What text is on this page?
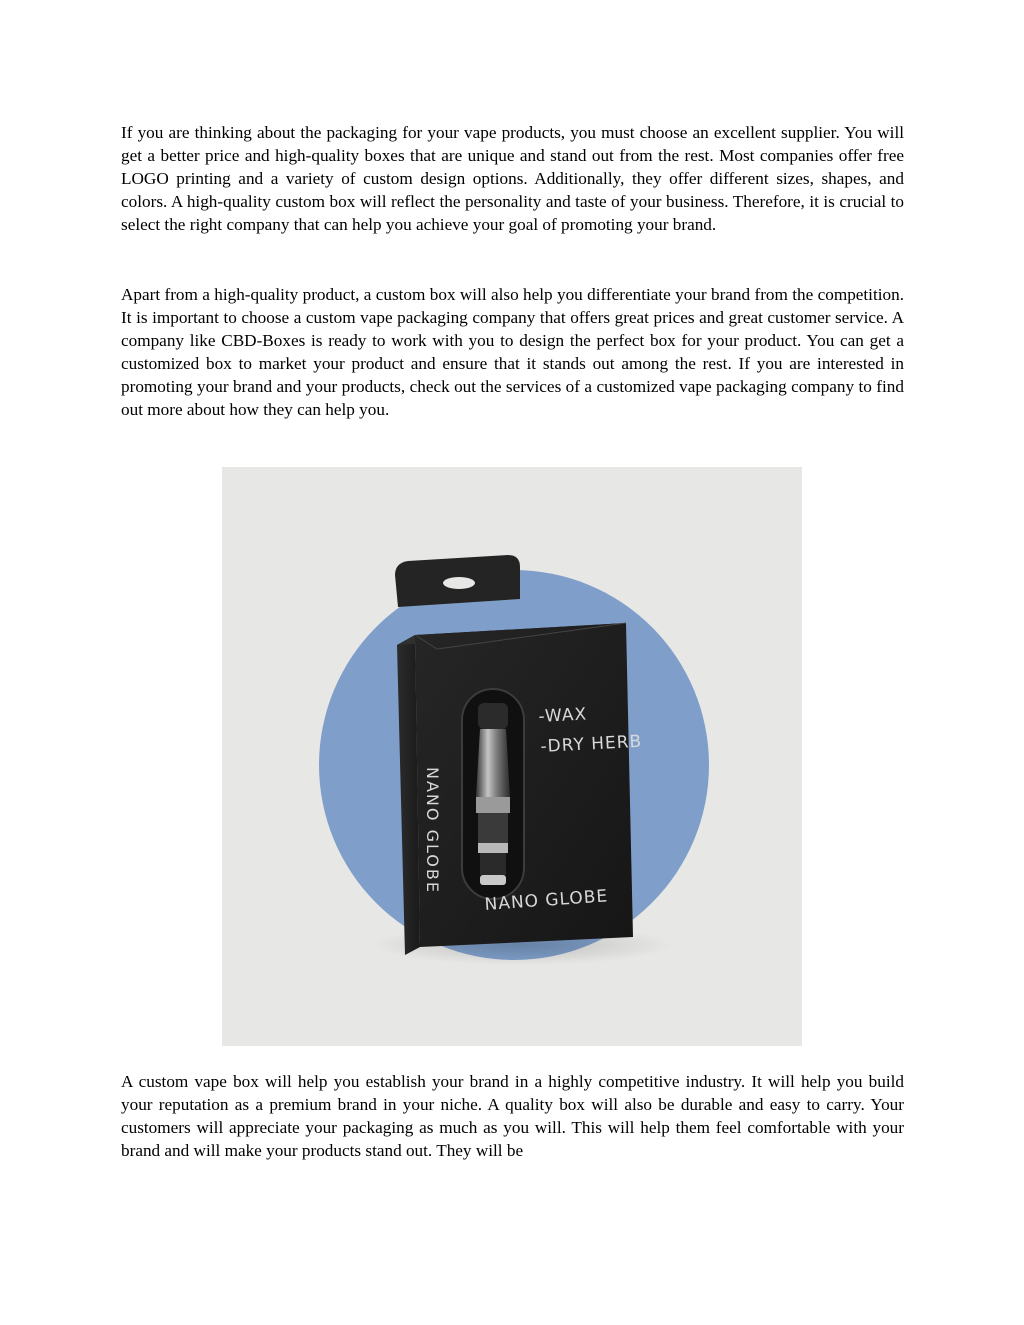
If you are thinking about the packaging for your vape products, you must choose an excellent supplier. You will get a better price and high-quality boxes that are unique and stand out from the rest. Most companies offer free LOGO printing and a variety of custom design options. Additionally, they offer different sizes, shapes, and colors. A high-quality custom box will reflect the personality and taste of your business. Therefore, it is crucial to select the right company that can help you achieve your goal of promoting your brand.

Apart from a high-quality product, a custom box will also help you differentiate your brand from the competition. It is important to choose a custom vape packaging company that offers great prices and great customer service. A company like CBD-Boxes is ready to work with you to design the perfect box for your product. You can get a customized box to market your product and ensure that it stands out among the rest. If you are interested in promoting your brand and your products, check out the services of a customized vape packaging company to find out more about how they can help you.

-WAX
-DRY HERB
NANO GLOBE
NANO GLOBE

A custom vape box will help you establish your brand in a highly competitive industry. It will help you build your reputation as a premium brand in your niche. A quality box will also be durable and easy to carry. Your customers will appreciate your packaging as much as you will. This will help them feel comfortable with your brand and will make your products stand out. They will be
